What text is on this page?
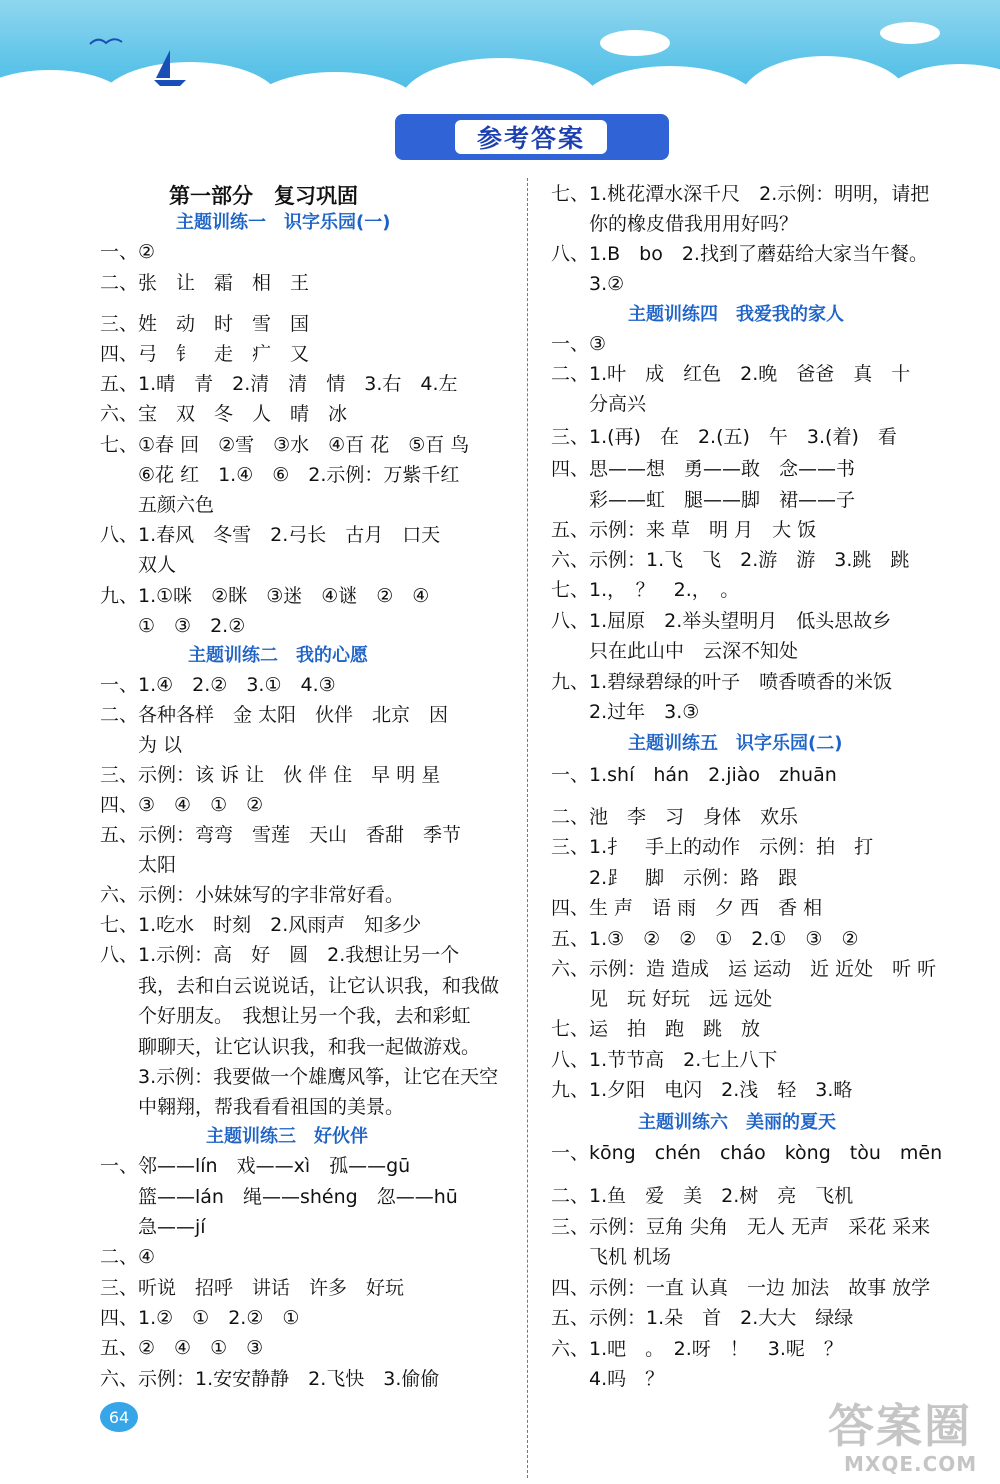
参考答案
第一部分　复习巩固
主题训练一　识字乐园(一)
一、②
二、张　让　霜　相　王
三、姓　动　时　雪　国
四、弓　钅　走　疒　又
五、1.晴　青　2.清　清　情　3.右　4.左
六、宝　双　冬　人　晴　冰
七、①春 回　②雪　③水　④百 花　⑤百 鸟
　　⑥花 红　1.④　⑥　2.示例：万紫千红
　　五颜六色
八、1.春风　冬雪　2.弓长　古月　口天
　　双人
九、1.①咪　②眯　③迷　④谜　②　④
　　①　③　2.②
主题训练二　我的心愿
一、1.④　2.②　3.①　4.③
二、各种各样　金 太阳　伙伴　北京　因
　　为 以
三、示例：该 诉 让　伙 伴 住　早 明 星
四、③　④　①　②
五、示例：弯弯　雪莲　天山　香甜　季节
　　太阳
六、示例：小妹妹写的字非常好看。
七、1.吃水　时刻　2.风雨声　知多少
八、1.示例：高　好　圆　2.我想让另一个
　　我，去和白云说说话，让它认识我，和我做
　　个好朋友。　我想让另一个我，去和彩虹
　　聊聊天，让它认识我，和我一起做游戏。
　　3.示例：我要做一个雄鹰风筝，让它在天空
　　中翱翔，帮我看看祖国的美景。
主题训练三　好伙伴
一、邻——lín　戏——xì　孤——gū
　　篮——lán　绳——shéng　忽——hū
　　急——jí
二、④
三、听说　招呼　讲话　许多　好玩
四、1.②　①　2.②　①
五、②　④　①　③
六、示例：1.安安静静　2.飞快　3.偷偷
七、1.桃花潭水深千尺　2.示例：明明，请把
　　你的橡皮借我用用好吗？
八、1.B　bo　2.找到了蘑菇给大家当午餐。
　　3.②
主题训练四　我爱我的家人
一、③
二、1.叶　成　红色　2.晚　爸爸　真　十
　　分高兴
三、1.(再)　在　2.(五)　午　3.(着)　看
四、思——想　勇——敢　念——书
　　彩——虹　腿——脚　裙——子
五、示例：来 草　明 月　大 饭
六、示例：1.飞　飞　2.游　游　3.跳　跳
七、1.，　？　2.，　。
八、1.屈原　2.举头望明月　低头思故乡
　　只在此山中　云深不知处
九、1.碧绿碧绿的叶子　喷香喷香的米饭
　　2.过年　3.③
主题训练五　识字乐园(二)
一、1.shí　hán　2.jiào　zhuān
二、池　李　习　身体　欢乐
三、1.扌　手上的动作　示例：拍　打
　　2.⻊　脚　示例：路　跟
四、生 声　语 雨　夕 西　香 相
五、1.③　②　②　①　2.①　③　②
六、示例：造 造成　运 运动　近 近处　听 听
　　见　玩 好玩　远 远处
七、运　拍　跑　跳　放
八、1.节节高　2.七上八下
九、1.夕阳　电闪　2.浅　轻　3.略
主题训练六　美丽的夏天
一、kōng　chén　cháo　kòng　tòu　mēn
二、1.鱼　爱　美　2.树　亮　飞机
三、示例：豆角 尖角　无人 无声　采花 采来
　　飞机 机场
四、示例：一直 认真　一边 加法　故事 放学
五、示例：1.朵　首　2.大大　绿绿
六、1.吧　。　2.呀　！　3.呢　？
　　4.吗　？
64	答案圈
MXQE.COM
